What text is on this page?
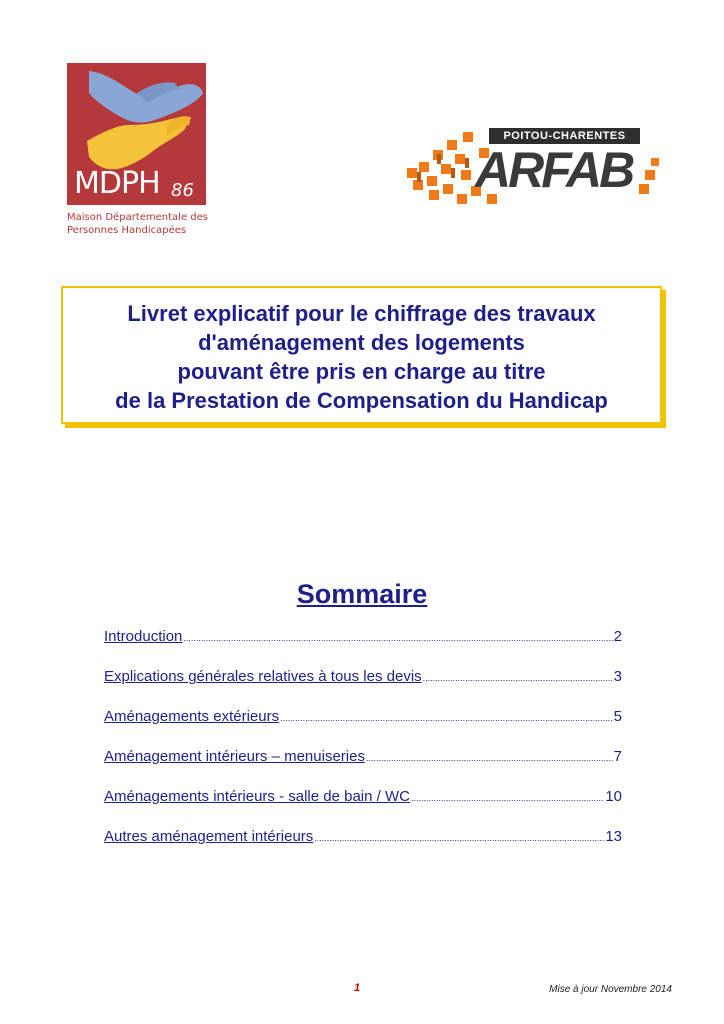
MDPH 86
Maison Départementale des
Personnes Handicapées
POITOU-CHARENTES
ARFAB
Livret explicatif pour le chiffrage des travaux
d'aménagement des logements
pouvant être pris en charge au titre
de la Prestation de Compensation du Handicap
Sommaire
Introduction .....	2
Explications générales relatives à tous les devis .....	3
Aménagements extérieurs .....	5
Aménagement intérieurs – menuiseries .....	7
Aménagements intérieurs - salle de bain / WC .....	10
Autres aménagement intérieurs .....	13
1	Mise à jour Novembre 2014
